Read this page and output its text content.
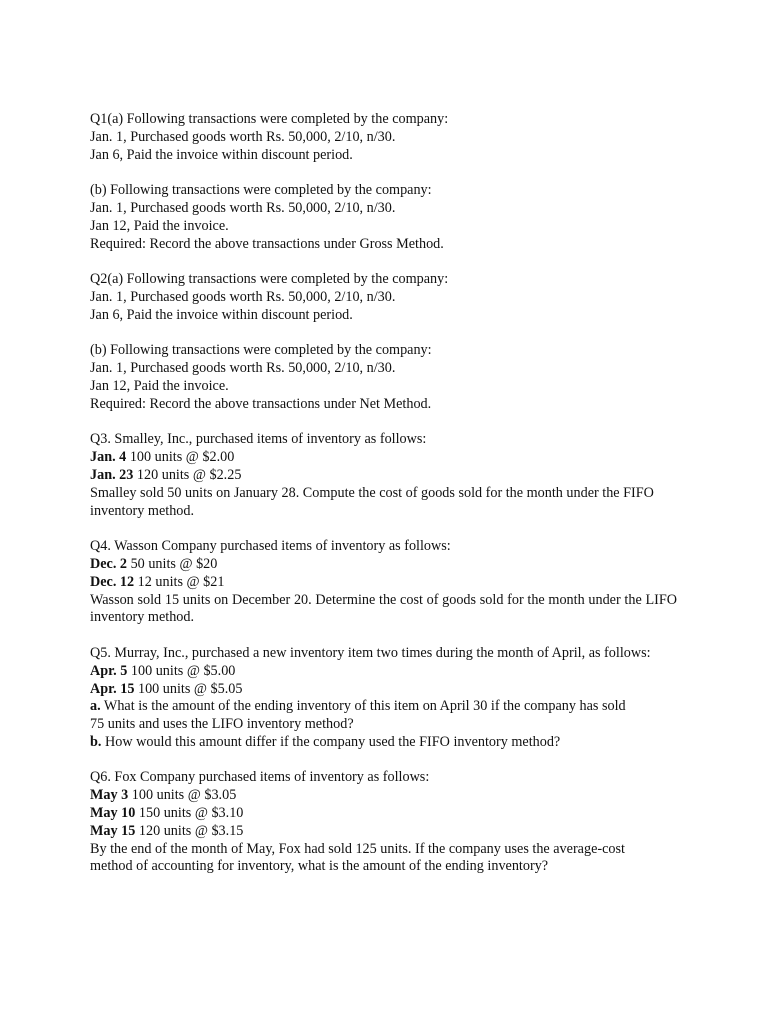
Q1(a) Following transactions were completed by the company:
Jan. 1, Purchased goods worth Rs. 50,000, 2/10, n/30.
Jan 6, Paid the invoice within discount period.
(b) Following transactions were completed by the company:
Jan. 1, Purchased goods worth Rs. 50,000, 2/10, n/30.
Jan 12, Paid the invoice.
Required: Record the above transactions under Gross Method.
Q2(a) Following transactions were completed by the company:
Jan. 1, Purchased goods worth Rs. 50,000, 2/10, n/30.
Jan 6, Paid the invoice within discount period.
(b) Following transactions were completed by the company:
Jan. 1, Purchased goods worth Rs. 50,000, 2/10, n/30.
Jan 12, Paid the invoice.
Required: Record the above transactions under Net Method.
Q3. Smalley, Inc., purchased items of inventory as follows:
Jan. 4 100 units @ $2.00
Jan. 23 120 units @ $2.25
Smalley sold 50 units on January 28. Compute the cost of goods sold for the month under the FIFO
inventory method.
Q4. Wasson Company purchased items of inventory as follows:
Dec. 2 50 units @ $20
Dec. 12 12 units @ $21
Wasson sold 15 units on December 20. Determine the cost of goods sold for the month under the LIFO inventory method.
Q5. Murray, Inc., purchased a new inventory item two times during the month of April, as follows:
Apr. 5 100 units @ $5.00
Apr. 15 100 units @ $5.05
a. What is the amount of the ending inventory of this item on April 30 if the company has sold
75 units and uses the LIFO inventory method?
b. How would this amount differ if the company used the FIFO inventory method?
Q6. Fox Company purchased items of inventory as follows:
May 3 100 units @ $3.05
May 10 150 units @ $3.10
May 15 120 units @ $3.15
By the end of the month of May, Fox had sold 125 units. If the company uses the average-cost
method of accounting for inventory, what is the amount of the ending inventory?
